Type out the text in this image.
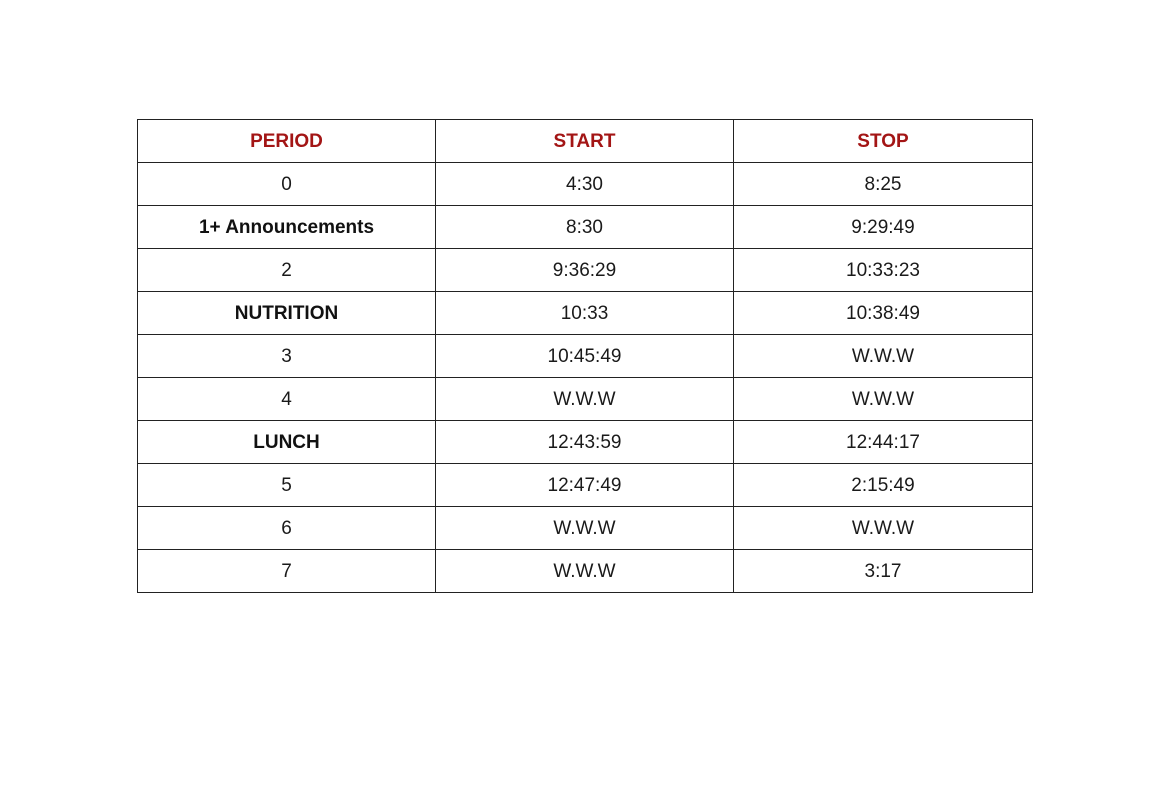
PERIOD	START	STOP
0	4:30	8:25
1+ Announcements	8:30	9:29:49
2	9:36:29	10:33:23
NUTRITION	10:33	10:38:49
3	10:45:49	W.W.W
4	W.W.W	W.W.W
LUNCH	12:43:59	12:44:17
5	12:47:49	2:15:49
6	W.W.W	W.W.W
7	W.W.W	3:17
